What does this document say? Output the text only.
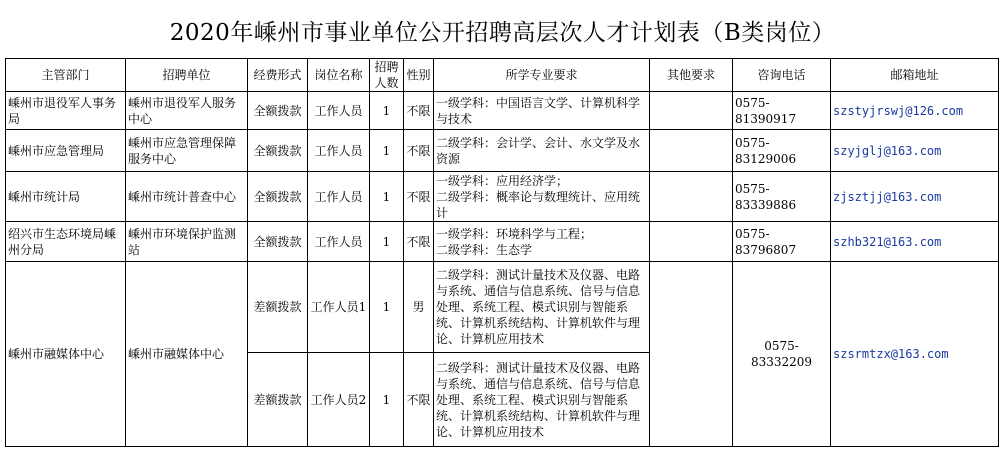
2020年嵊州市事业单位公开招聘高层次人才计划表（B类岗位）
主管部门	招聘单位	经费形式	岗位名称	招聘人数	性别	所学专业要求	其他要求	咨询电话	邮箱地址
嵊州市退役军人事务局	嵊州市退役军人服务中心	全额拨款	工作人员	1	不限	一级学科：中国语言文学、计算机科学与技术		0575-81390917	szstyjrswj@126.com
嵊州市应急管理局	嵊州市应急管理保障服务中心	全额拨款	工作人员	1	不限	二级学科：会计学、会计、水文学及水资源		0575-83129006	szyjglj@163.com
嵊州市统计局	嵊州市统计普查中心	全额拨款	工作人员	1	不限	一级学科：应用经济学；
二级学科：概率论与数理统计、应用统计		0575-83339886	zjsztjj@163.com
绍兴市生态环境局嵊州分局	嵊州市环境保护监测站	全额拨款	工作人员	1	不限	一级学科：环境科学与工程；
二级学科：生态学		0575-83796807	szhb321@163.com
嵊州市融媒体中心	嵊州市融媒体中心	差额拨款	工作人员1	1	男	二级学科：测试计量技术及仪器、电路与系统、通信与信息系统、信号与信息处理、系统工程、模式识别与智能系统、计算机系统结构、计算机软件与理论、计算机应用技术		0575-83332209	szsrmtzx@163.com
		差额拨款	工作人员2	1	不限	二级学科：测试计量技术及仪器、电路与系统、通信与信息系统、信号与信息处理、系统工程、模式识别与智能系统、计算机系统结构、计算机软件与理论、计算机应用技术			
